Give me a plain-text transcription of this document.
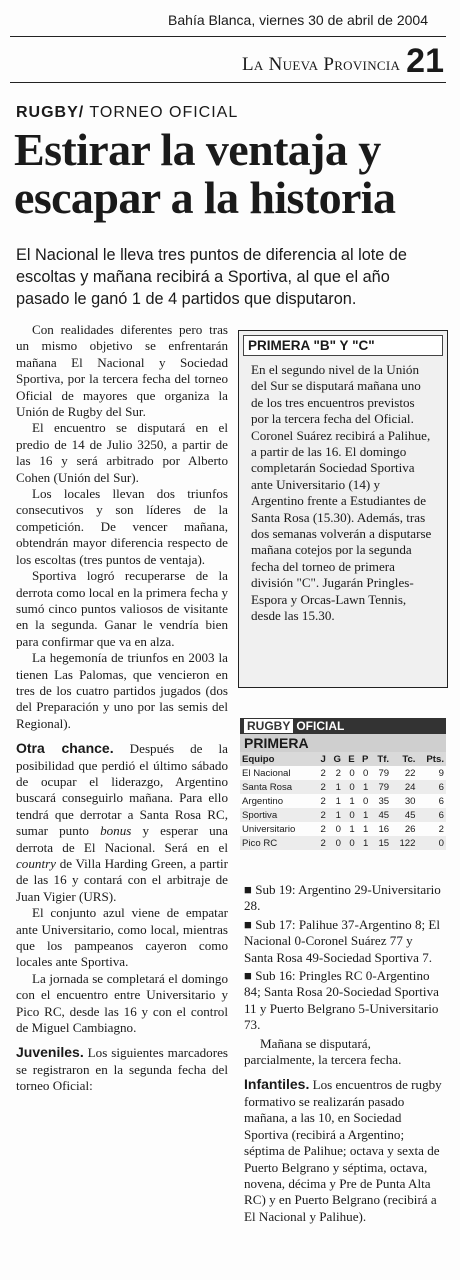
Bahía Blanca, viernes 30 de abril de 2004
La Nueva Provincia 21
RUGBY/ TORNEO OFICIAL
Estirar la ventaja y
escapar a la historia
El Nacional le lleva tres puntos de diferencia al lote de escoltas y mañana recibirá a Sportiva, al que el año pasado le ganó 1 de 4 partidos que disputaron.

Con realidades diferentes pero tras un mismo objetivo se enfrentarán mañana El Nacional y Sociedad Sportiva, por la tercera fecha del torneo Oficial de mayores que organiza la Unión de Rugby del Sur.

El encuentro se disputará en el predio de 14 de Julio 3250, a partir de las 16 y será arbitrado por Alberto Cohen (Unión del Sur).

Los locales llevan dos triunfos consecutivos y son líderes de la competición. De vencer mañana, obtendrán mayor diferencia respecto de los escoltas (tres puntos de ventaja).

Sportiva logró recuperarse de la derrota como local en la primera fecha y sumó cinco puntos valiosos de visitante en la segunda. Ganar le vendría bien para confirmar que va en alza.

La hegemonía de triunfos en 2003 la tienen Las Palomas, que vencieron en tres de los cuatro partidos jugados (dos del Preparación y uno por las semis del Regional).

Otra chance. Después de la posibilidad que perdió el último sábado de ocupar el liderazgo, Argentino buscará conseguirlo mañana. Para ello tendrá que derrotar a Santa Rosa RC, sumar punto bonus y esperar una derrota de El Nacional. Será en el country de Villa Harding Green, a partir de las 16 y contará con el arbitraje de Juan Vigier (URS).

El conjunto azul viene de empatar ante Universitario, como local, mientras que los pampeanos cayeron como locales ante Sportiva.

La jornada se completará el domingo con el encuentro entre Universitario y Pico RC, desde las 16 y con el control de Miguel Cambiagno.

Juveniles. Los siguientes marcadores se registraron en la segunda fecha del torneo Oficial:

PRIMERA "B" Y "C"
En el segundo nivel de la Unión del Sur se disputará mañana uno de los tres encuentros previstos por la tercera fecha del Oficial. Coronel Suárez recibirá a Palihue, a partir de las 16. El domingo completarán Sociedad Sportiva ante Universitario (14) y Argentino frente a Estudiantes de Santa Rosa (15.30). Además, tras dos semanas volverán a disputarse mañana cotejos por la segunda fecha del torneo de primera división "C". Jugarán Pringles-Espora y Orcas-Lawn Tennis, desde las 15.30.
RUGBY OFICIAL
PRIMERA
Equipo	J	G	E	P	Tf.	Tc.	Pts.
El Nacional	2	2	0	0	79	22	9
Santa Rosa	2	1	0	1	79	24	6
Argentino	2	1	1	0	35	30	6
Sportiva	2	1	0	1	45	45	6
Universitario	2	0	1	1	16	26	2
Pico RC	2	0	0	1	15	122	0

■ Sub 19: Argentino 29-Universitario 28.

■ Sub 17: Palihue 37-Argentino 8; El Nacional 0-Coronel Suárez 77 y Santa Rosa 49-Sociedad Sportiva 7.

■ Sub 16: Pringles RC 0-Argentino 84; Santa Rosa 20-Sociedad Sportiva 11 y Puerto Belgrano 5-Universitario 73.

Mañana se disputará, parcialmente, la tercera fecha.

Infantiles. Los encuentros de rugby formativo se realizarán pasado mañana, a las 10, en Sociedad Sportiva (recibirá a Argentino; séptima de Palihue; octava y sexta de Puerto Belgrano y séptima, octava, novena, décima y Pre de Punta Alta RC) y en Puerto Belgrano (recibirá a El Nacional y Palihue).
